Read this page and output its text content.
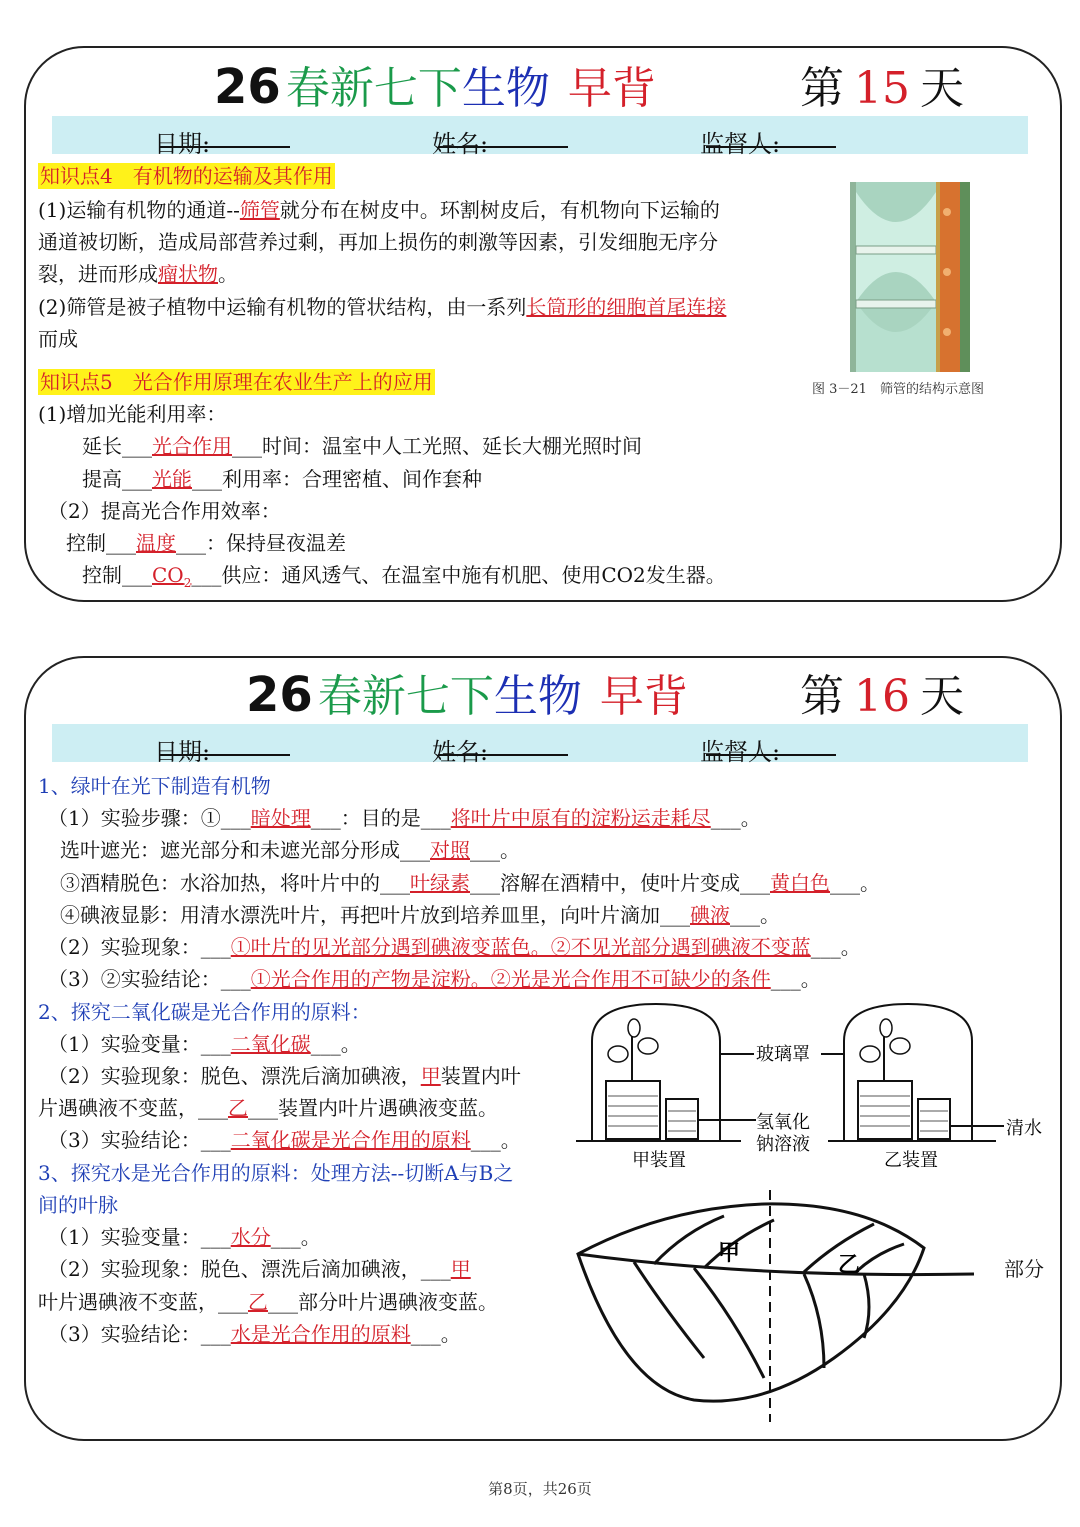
26 春新七下生物 早背	第 15 天
日期:	姓名:	监督人:
知识点4　有机物的运输及其作用
(1)运输有机物的通道--筛管就分布在树皮中。环割树皮后，有机物向下运输的
通道被切断，造成局部营养过剩，再加上损伤的刺激等因素，引发细胞无序分
裂，进而形成瘤状物。
(2)筛管是被子植物中运输有机物的管状结构，由一系列长筒形的细胞首尾连接
而成
图 3－21　筛管的结构示意图
知识点5　光合作用原理在农业生产上的应用
(1)增加光能利用率：
延长___光合作用___时间：温室中人工光照、延长大棚光照时间
提高___光能___利用率：合理密植、间作套种
（2）提高光合作用效率：
控制___温度___：保持昼夜温差
控制$\_\_\_CO_2\_\_\_$供应：通风透气、在温室中施有机肥、使用CO2发生器。
26 春新七下生物 早背	第 16 天
日期:	姓名:	监督人:
1、绿叶在光下制造有机物
（1）实验步骤：①___暗处理___：目的是___将叶片中原有的淀粉运走耗尽___。
选叶遮光：遮光部分和未遮光部分形成___对照___。
③酒精脱色：水浴加热，将叶片中的___叶绿素___溶解在酒精中，使叶片变成___黄白色___。
④碘液显影：用清水漂洗叶片，再把叶片放到培养皿里，向叶片滴加___碘液___。
（2）实验现象：___①叶片的见光部分遇到碘液变蓝色。②不见光部分遇到碘液不变蓝___。
（3）②实验结论：___①光合作用的产物是淀粉。②光是光合作用不可缺少的条件___。
2、探究二氧化碳是光合作用的原料：
（1）实验变量：___二氧化碳___。
（2）实验现象：脱色、漂洗后滴加碘液，甲装置内叶
片遇碘液不变蓝，___乙___装置内叶片遇碘液变蓝。
（3）实验结论：___二氧化碳是光合作用的原料___。
玻璃罩
氢氧化
钠溶液
清水
甲装置	乙装置
3、探究水是光合作用的原料：处理方法--切断A与B之
间的叶脉
（1）实验变量：___水分___。
（2）实验现象：脱色、漂洗后滴加碘液，___甲	部分
叶片遇碘液不变蓝，___乙___部分叶片遇碘液变蓝。
（3）实验结论：___水是光合作用的原料___。
甲	乙
第8页，共26页
